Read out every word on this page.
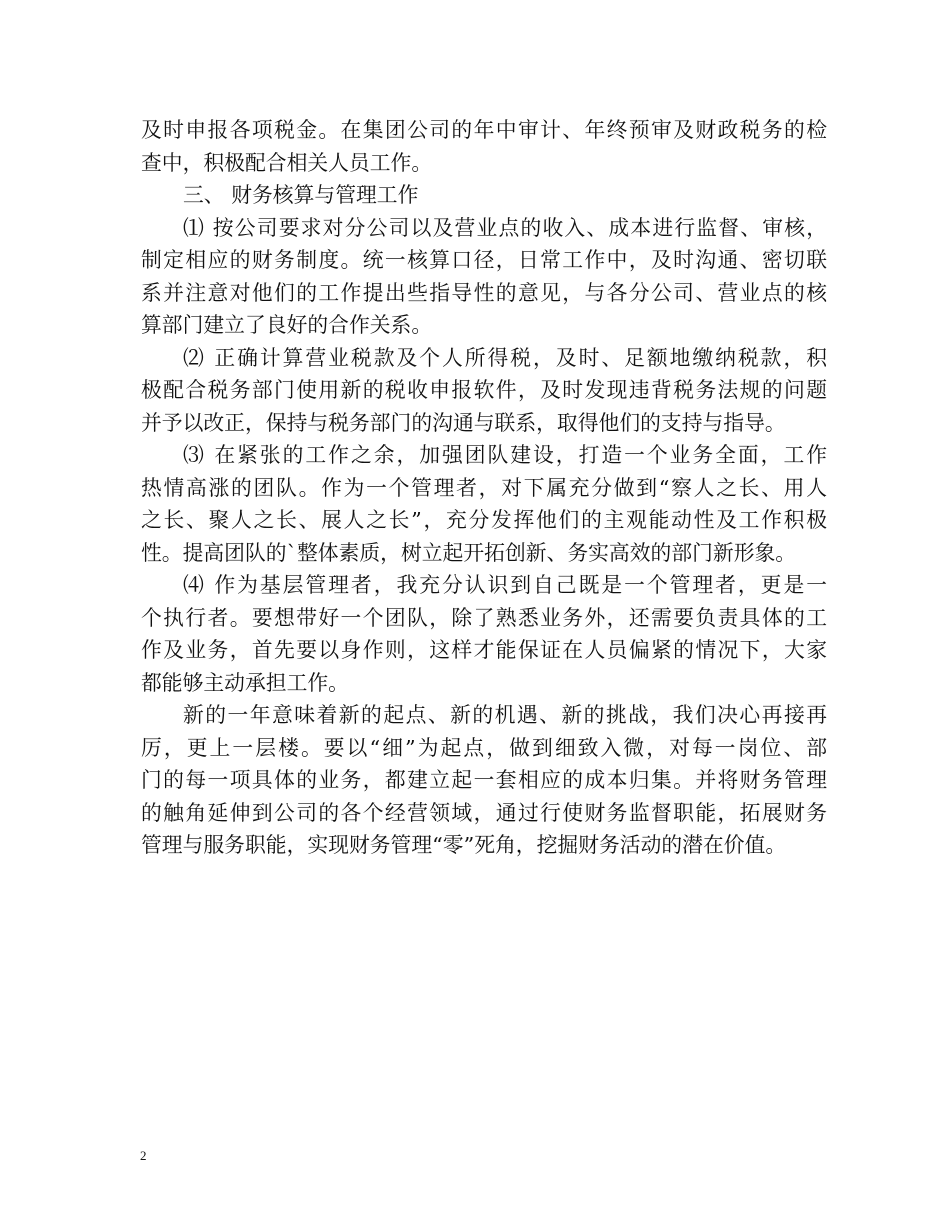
及时申报各项税金。在集团公司的年中审计、年终预审及财政税务的检
查中，积极配合相关人员工作。
三、 财务核算与管理工作
⑴ 按公司要求对分公司以及营业点的收入、成本进行监督、审核，
制定相应的财务制度。统一核算口径，日常工作中，及时沟通、密切联
系并注意对他们的工作提出些指导性的意见，与各分公司、营业点的核
算部门建立了良好的合作关系。
⑵ 正确计算营业税款及个人所得税，及时、足额地缴纳税款，积
极配合税务部门使用新的税收申报软件，及时发现违背税务法规的问题
并予以改正，保持与税务部门的沟通与联系，取得他们的支持与指导。
⑶ 在紧张的工作之余，加强团队建设，打造一个业务全面，工作
热情高涨的团队。作为一个管理者，对下属充分做到“察人之长、用人
之长、聚人之长、展人之长”，充分发挥他们的主观能动性及工作积极
性。提高团队的`整体素质，树立起开拓创新、务实高效的部门新形象。
⑷ 作为基层管理者，我充分认识到自己既是一个管理者，更是一
个执行者。要想带好一个团队，除了熟悉业务外，还需要负责具体的工
作及业务，首先要以身作则，这样才能保证在人员偏紧的情况下，大家
都能够主动承担工作。
新的一年意味着新的起点、新的机遇、新的挑战，我们决心再接再
厉，更上一层楼。要以“细”为起点，做到细致入微，对每一岗位、部
门的每一项具体的业务，都建立起一套相应的成本归集。并将财务管理
的触角延伸到公司的各个经营领域，通过行使财务监督职能，拓展财务
管理与服务职能，实现财务管理“零”死角，挖掘财务活动的潜在价值。
2
